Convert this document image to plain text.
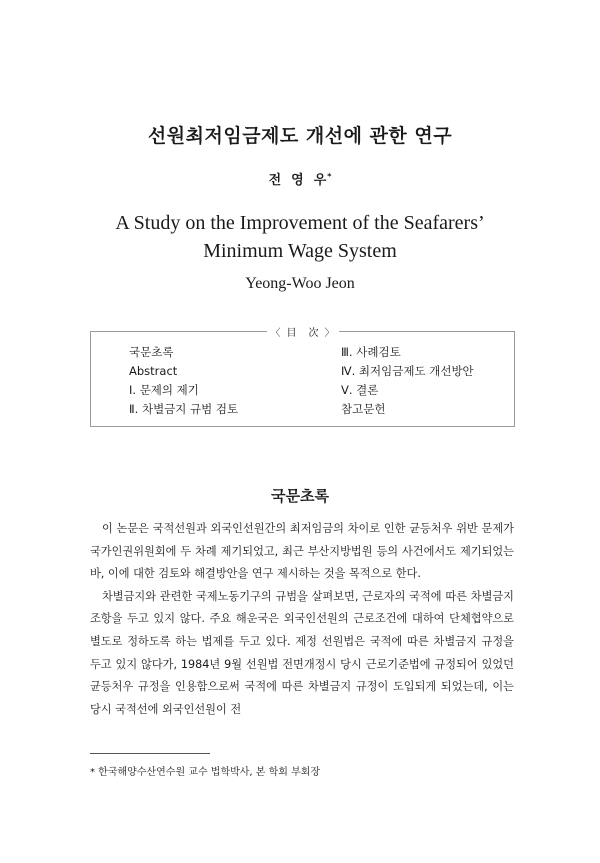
선원최저임금제도 개선에 관한 연구
전 영 우*
A Study on the Improvement of the Seafarers’
Minimum Wage System
Yeong-Woo Jeon
〈 目 次 〉
국문초록
Abstract
Ⅰ. 문제의 제기
Ⅱ. 차별금지 규범 검토
Ⅲ. 사례검토
Ⅳ. 최저임금제도 개선방안
Ⅴ. 결론
참고문헌
국문초록

이 논문은 국적선원과 외국인선원간의 최저임금의 차이로 인한 균등처우 위반 문제가 국가인권위원회에 두 차례 제기되었고, 최근 부산지방법원 등의 사건에서도 제기되었는 바, 이에 대한 검토와 해결방안을 연구 제시하는 것을 목적으로 한다.

차별금지와 관련한 국제노동기구의 규범을 살펴보면, 근로자의 국적에 따른 차별금지 조항을 두고 있지 않다. 주요 해운국은 외국인선원의 근로조건에 대하여 단체협약으로 별도로 정하도록 하는 법제를 두고 있다. 제정 선원법은 국적에 따른 차별금지 규정을 두고 있지 않다가, 1984년 9월 선원법 전면개정시 당시 근로기준법에 규정되어 있었던 균등처우 규정을 인용함으로써 국적에 따른 차별금지 규정이 도입되게 되었는데, 이는 당시 국적선에 외국인선원이 전

* 한국해양수산연수원 교수 법학박사, 본 학회 부회장
